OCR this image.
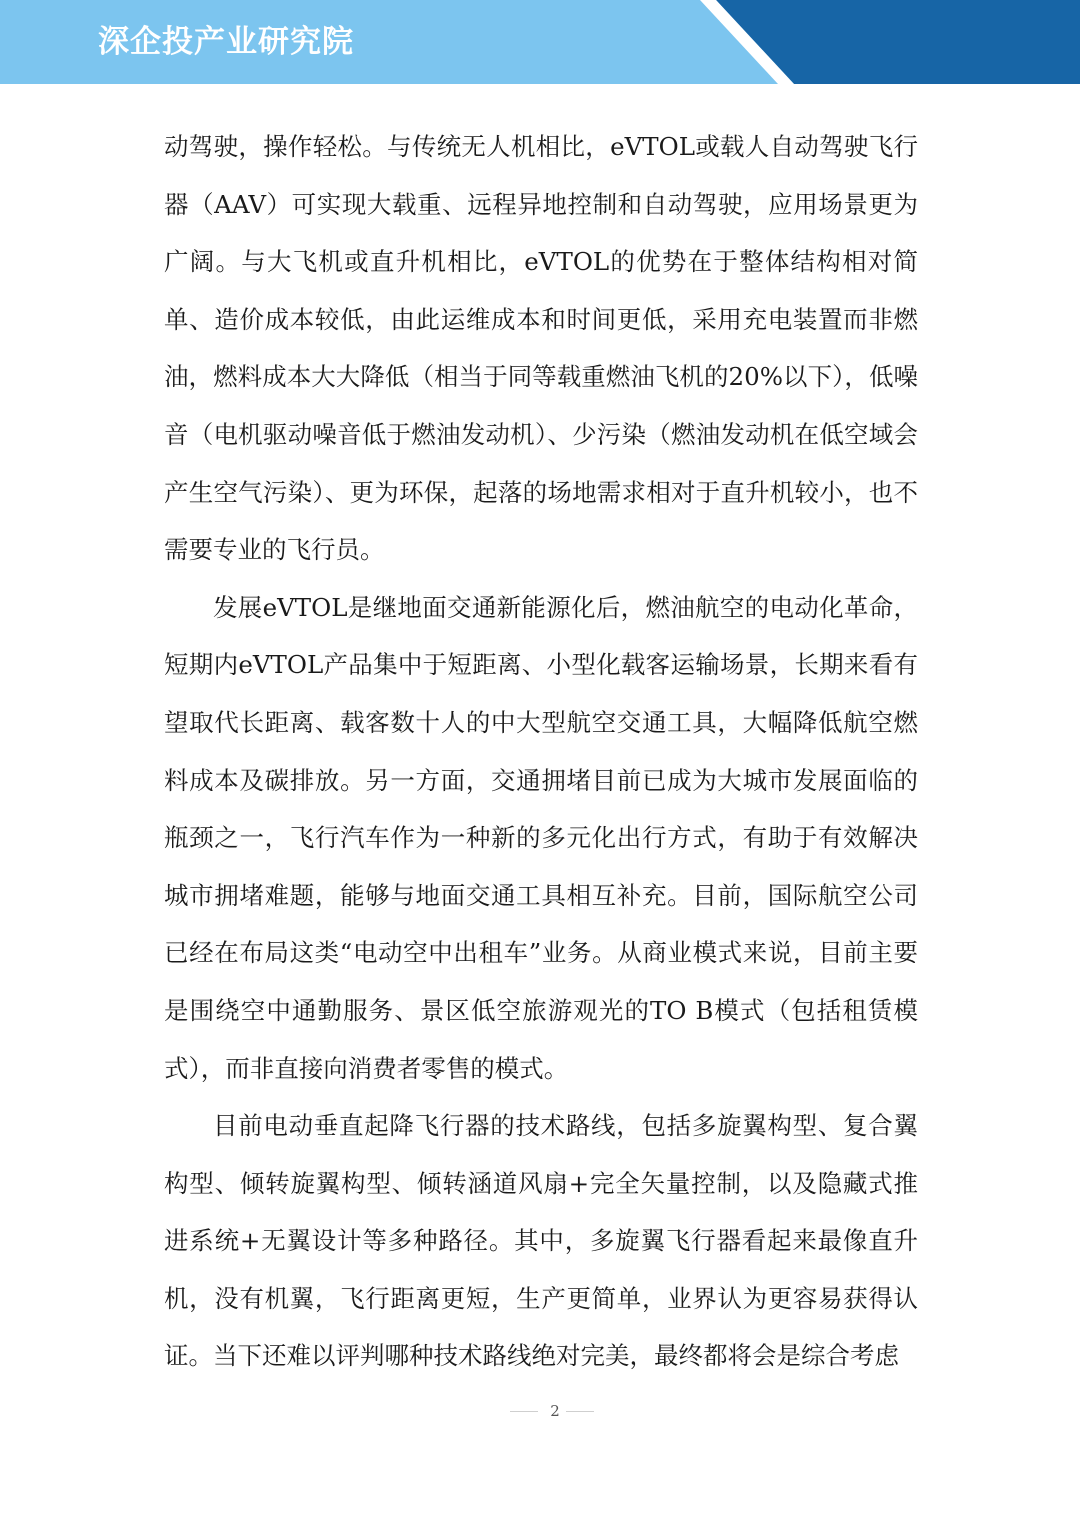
深企投产业研究院

动驾驶，操作轻松。与传统无人机相比，eVTOL或载人自动驾驶飞行器（AAV）可实现大载重、远程异地控制和自动驾驶，应用场景更为广阔。与大飞机或直升机相比，eVTOL的优势在于整体结构相对简单、造价成本较低，由此运维成本和时间更低，采用充电装置而非燃油，燃料成本大大降低（相当于同等载重燃油飞机的20%以下），低噪音（电机驱动噪音低于燃油发动机）、少污染（燃油发动机在低空域会产生空气污染）、更为环保，起落的场地需求相对于直升机较小，也不需要专业的飞行员。

发展eVTOL是继地面交通新能源化后，燃油航空的电动化革命，短期内eVTOL产品集中于短距离、小型化载客运输场景，长期来看有望取代长距离、载客数十人的中大型航空交通工具，大幅降低航空燃料成本及碳排放。另一方面，交通拥堵目前已成为大城市发展面临的瓶颈之一，飞行汽车作为一种新的多元化出行方式，有助于有效解决城市拥堵难题，能够与地面交通工具相互补充。目前，国际航空公司已经在布局这类“电动空中出租车”业务。从商业模式来说，目前主要是围绕空中通勤服务、景区低空旅游观光的TO B模式（包括租赁模式），而非直接向消费者零售的模式。

目前电动垂直起降飞行器的技术路线，包括多旋翼构型、复合翼构型、倾转旋翼构型、倾转涵道风扇+完全矢量控制，以及隐藏式推进系统+无翼设计等多种路径。其中，多旋翼飞行器看起来最像直升机，没有机翼，飞行距离更短，生产更简单，业界认为更容易获得认证。当下还难以评判哪种技术路线绝对完美，最终都将会是综合考虑

2
